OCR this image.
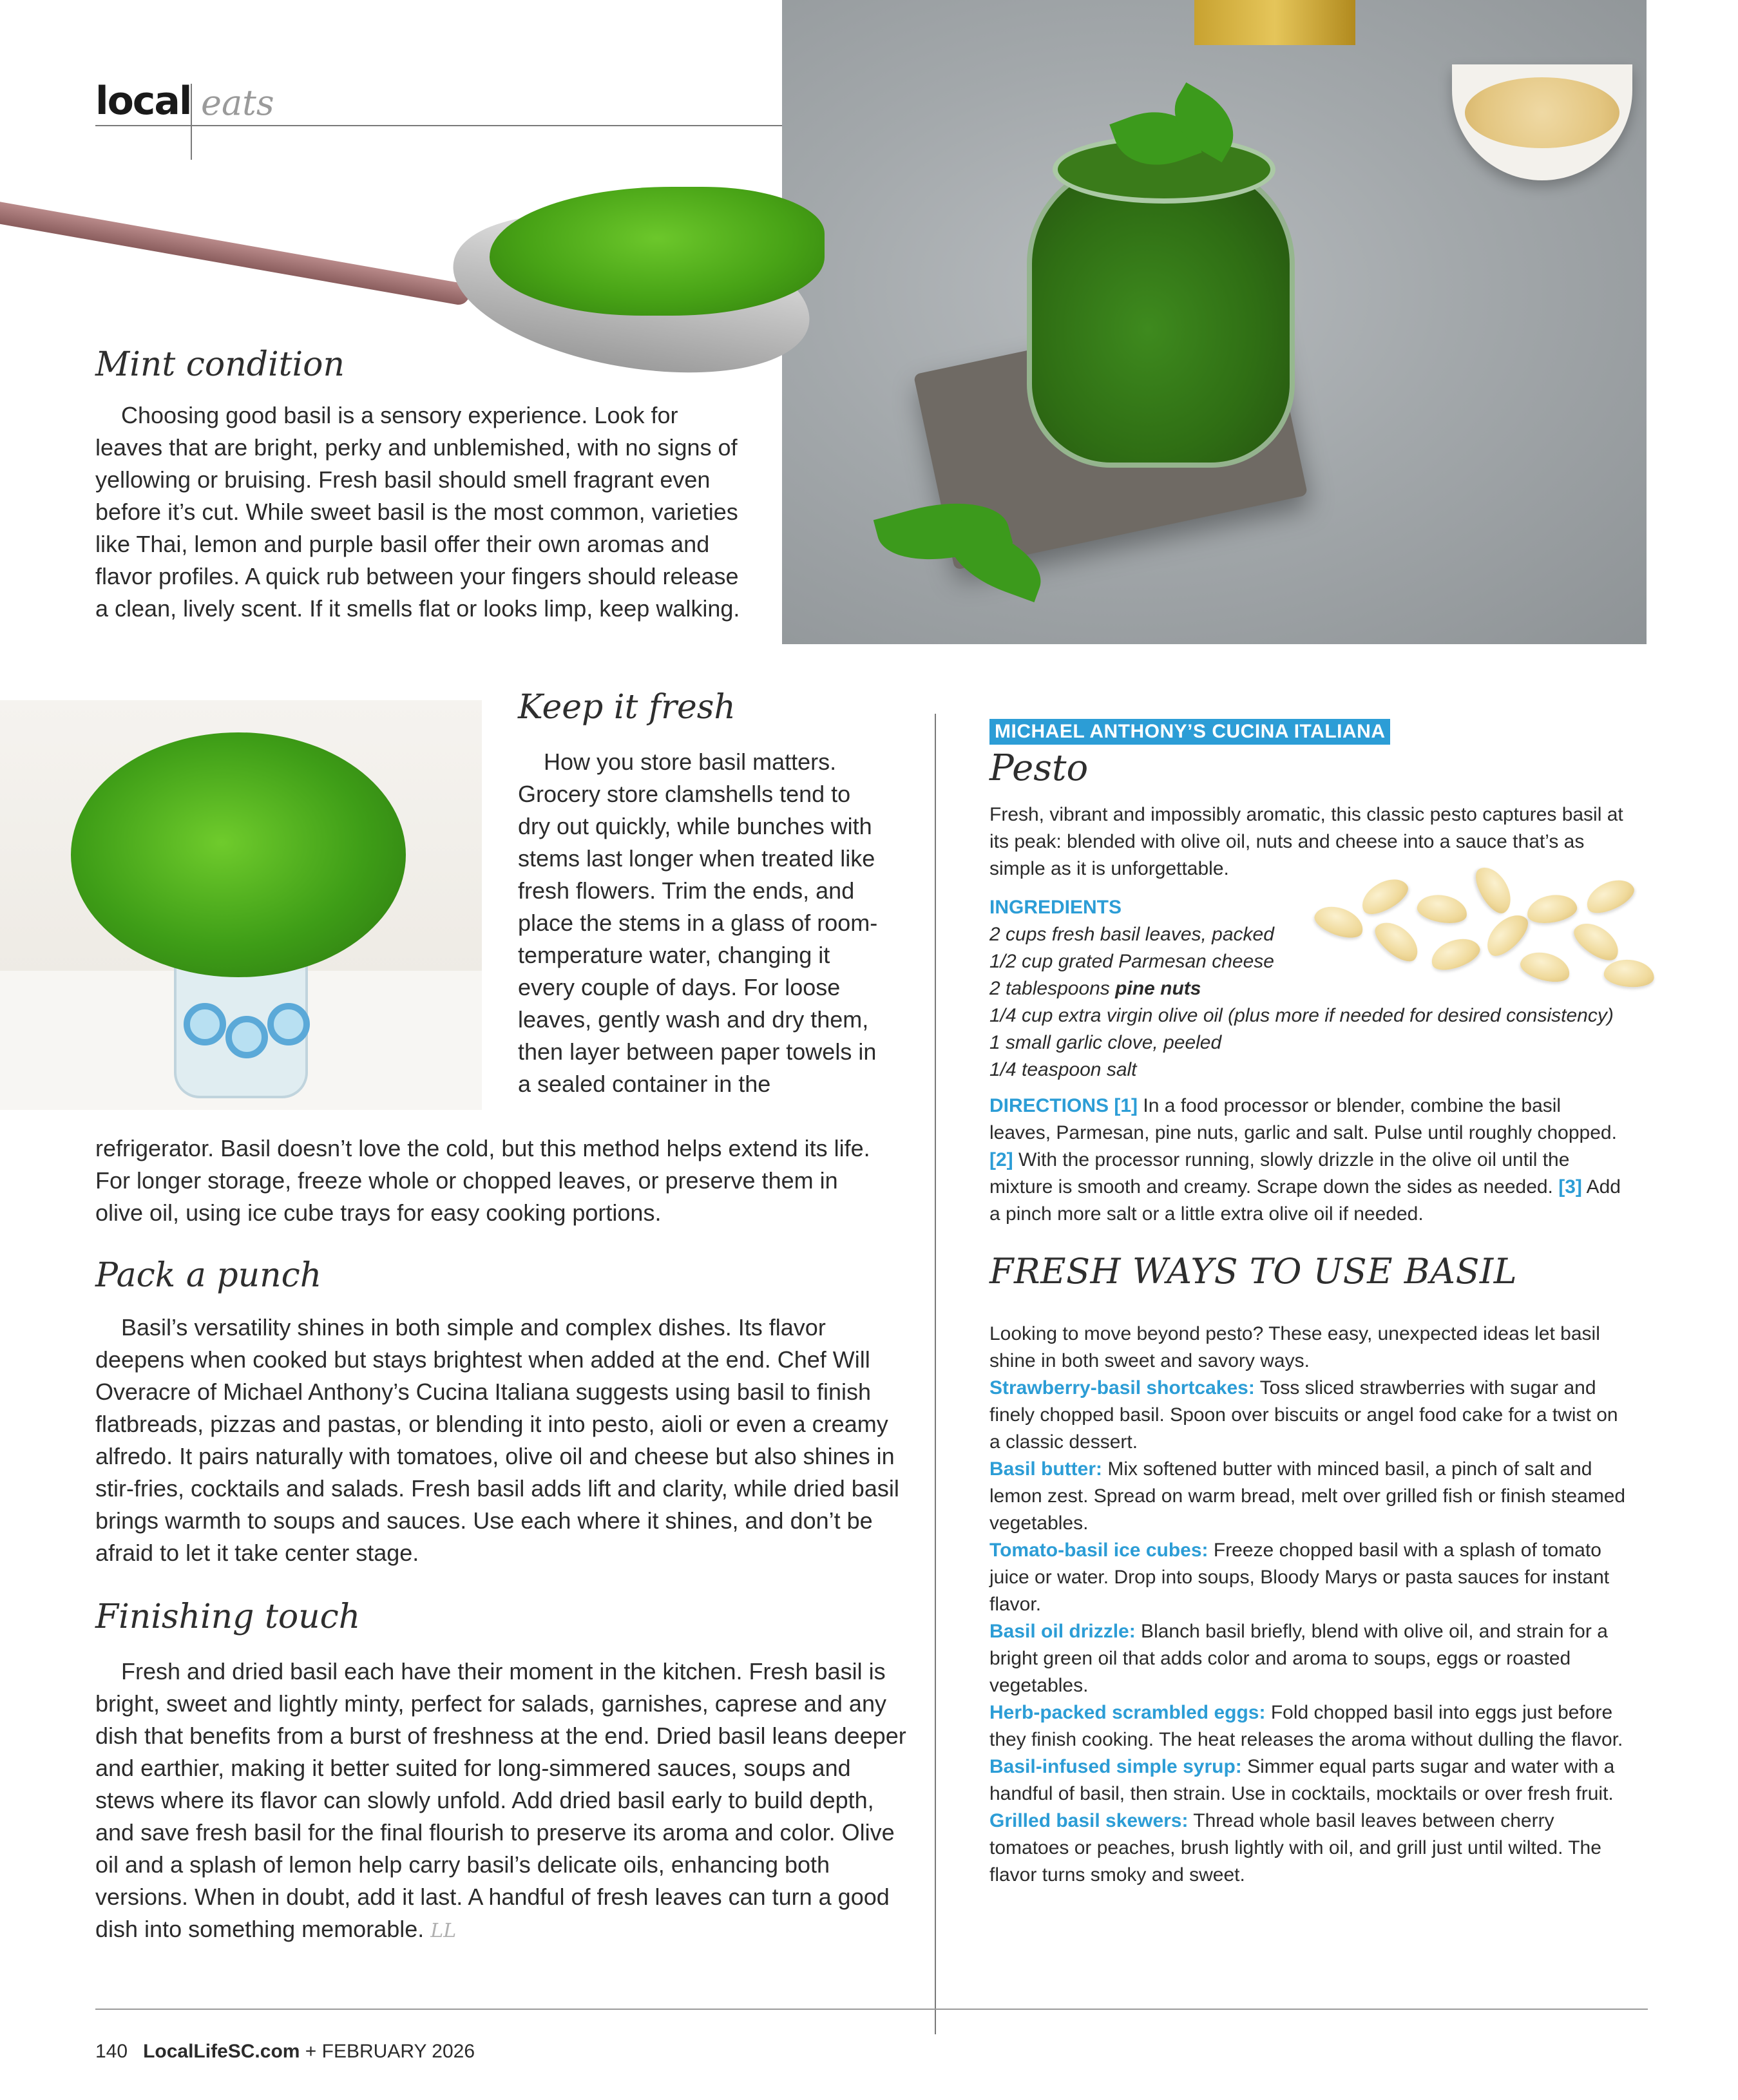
local eats
Mint condition

Choosing good basil is a sensory experience. Look for leaves that are bright, perky and unblemished, with no signs of yellowing or bruising. Fresh basil should smell fragrant even before it’s cut. While sweet basil is the most common, varieties like Thai, lemon and purple basil offer their own aromas and flavor profiles. A quick rub between your fingers should release a clean, lively scent. If it smells flat or looks limp, keep walking.

Keep it fresh

How you store basil matters. Grocery store clamshells tend to dry out quickly, while bunches with stems last longer when treated like fresh flowers. Trim the ends, and place the stems in a glass of room-temperature water, changing it every couple of days. For loose leaves, gently wash and dry them, then layer between paper towels in a sealed container in the

refrigerator. Basil doesn’t love the cold, but this method helps extend its life. For longer storage, freeze whole or chopped leaves, or preserve them in olive oil, using ice cube trays for easy cooking portions.

Pack a punch

Basil’s versatility shines in both simple and complex dishes. Its flavor deepens when cooked but stays brightest when added at the end. Chef Will Overacre of Michael Anthony’s Cucina Italiana suggests using basil to finish flatbreads, pizzas and pastas, or blending it into pesto, aioli or even a creamy alfredo. It pairs naturally with tomatoes, olive oil and cheese but also shines in stir-fries, cocktails and salads. Fresh basil adds lift and clarity, while dried basil brings warmth to soups and sauces. Use each where it shines, and don’t be afraid to let it take center stage.

Finishing touch

Fresh and dried basil each have their moment in the kitchen. Fresh basil is bright, sweet and lightly minty, perfect for salads, garnishes, caprese and any dish that benefits from a burst of freshness at the end. Dried basil leans deeper and earthier, making it better suited for long-simmered sauces, soups and stews where its flavor can slowly unfold. Add dried basil early to build depth, and save fresh basil for the final flourish to preserve its aroma and color. Olive oil and a splash of lemon help carry basil’s delicate oils, enhancing both versions. When in doubt, add it last. A handful of fresh leaves can turn a good dish into something memorable. LL

MICHAEL ANTHONY’S CUCINA ITALIANA
Pesto

Fresh, vibrant and impossibly aromatic, this classic pesto captures basil at its peak: blended with olive oil, nuts and cheese into a sauce that’s as simple as it is unforgettable.

INGREDIENTS
2 cups fresh basil leaves, packed
1/2 cup grated Parmesan cheese
2 tablespoons pine nuts
1/4 cup extra virgin olive oil (plus more if needed for desired consistency)
1 small garlic clove, peeled
1/4 teaspoon salt

DIRECTIONS [1] In a food processor or blender, combine the basil leaves, Parmesan, pine nuts, garlic and salt. Pulse until roughly chopped. [2] With the processor running, slowly drizzle in the olive oil until the mixture is smooth and creamy. Scrape down the sides as needed. [3] Add a pinch more salt or a little extra olive oil if needed.

FRESH WAYS TO USE BASIL

Looking to move beyond pesto? These easy, unexpected ideas let basil shine in both sweet and savory ways.

Strawberry-basil shortcakes: Toss sliced strawberries with sugar and finely chopped basil. Spoon over biscuits or angel food cake for a twist on a classic dessert.

Basil butter: Mix softened butter with minced basil, a pinch of salt and lemon zest. Spread on warm bread, melt over grilled fish or finish steamed vegetables.

Tomato-basil ice cubes: Freeze chopped basil with a splash of tomato juice or water. Drop into soups, Bloody Marys or pasta sauces for instant flavor.

Basil oil drizzle: Blanch basil briefly, blend with olive oil, and strain for a bright green oil that adds color and aroma to soups, eggs or roasted vegetables.

Herb-packed scrambled eggs: Fold chopped basil into eggs just before they finish cooking. The heat releases the aroma without dulling the flavor.

Basil-infused simple syrup: Simmer equal parts sugar and water with a handful of basil, then strain. Use in cocktails, mocktails or over fresh fruit.

Grilled basil skewers: Thread whole basil leaves between cherry tomatoes or peaches, brush lightly with oil, and grill just until wilted. The flavor turns smoky and sweet.

140 LocalLifeSC.com + FEBRUARY 2026
